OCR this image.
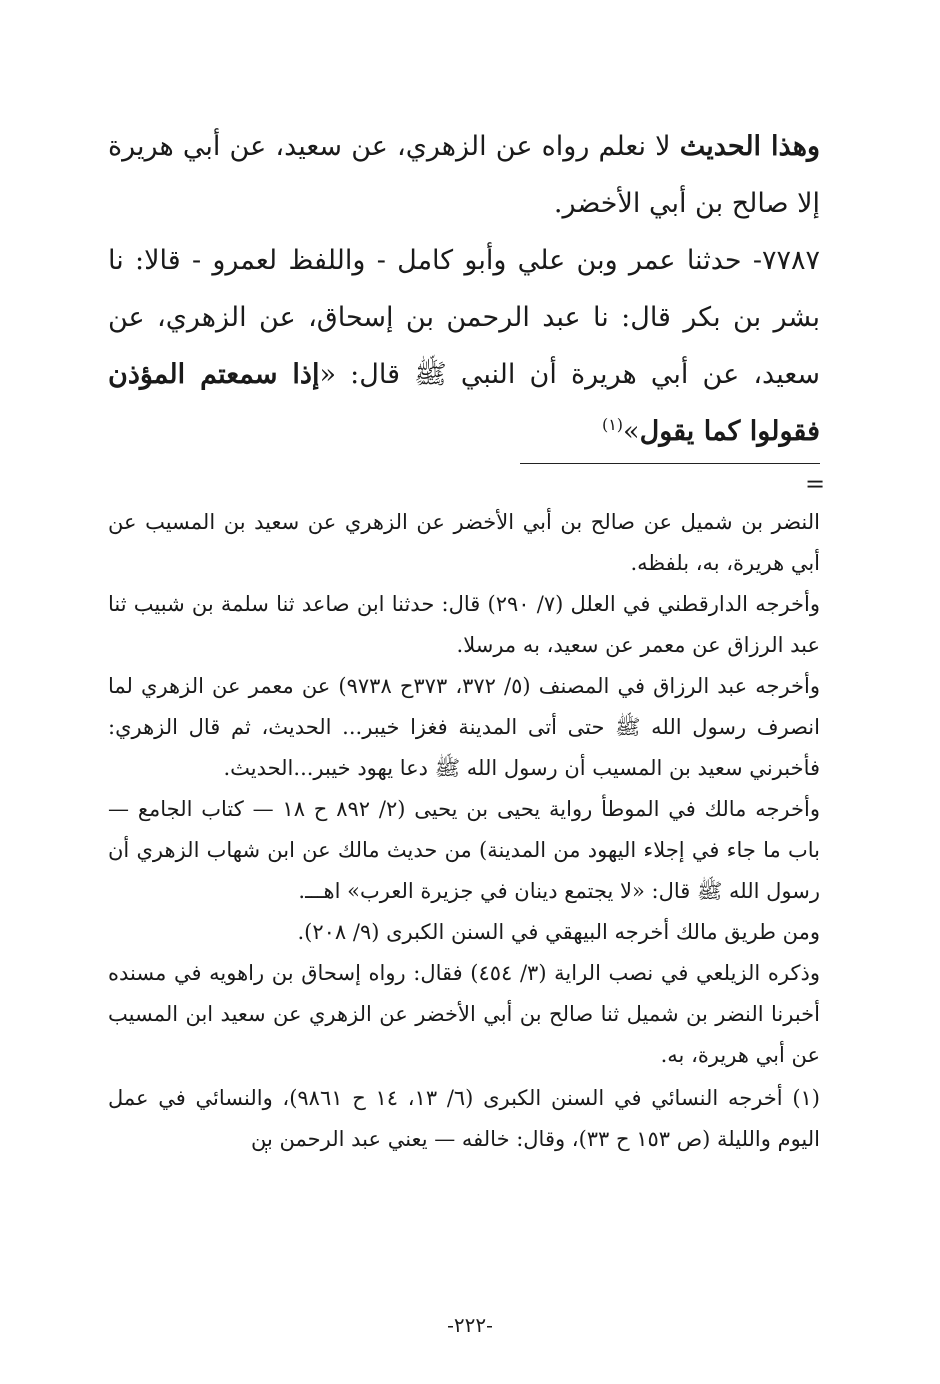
وهذا الحديث لا نعلم رواه عن الزهري، عن سعيد، عن أبي هريرة إلا صالح بن أبي الأخضر.

٧٧٨٧- حدثنا عمر وبن علي وأبو كامل - واللفظ لعمرو - قالا: نا بشر بن بكر قال: نا عبد الرحمن بن إسحاق، عن الزهري، عن سعيد، عن أبي هريرة أن النبي ﷺ قال: «إذا سمعتم المؤذن فقولوا كما يقول»$^{(١)}$

=

النضر بن شميل عن صالح بن أبي الأخضر عن الزهري عن سعيد بن المسيب عن أبي هريرة، به، بلفظه.

وأخرجه الدارقطني في العلل (٧/ ٢٩٠) قال: حدثنا ابن صاعد ثنا سلمة بن شبيب ثنا عبد الرزاق عن معمر عن سعيد، به مرسلا.

وأخرجه عبد الرزاق في المصنف (٥/ ٣٧٢، ٣٧٣ح ٩٧٣٨) عن معمر عن الزهري لما انصرف رسول الله ﷺ حتى أتى المدينة فغزا خيبر... الحديث، ثم قال الزهري: فأخبرني سعيد بن المسيب أن رسول الله ﷺ دعا يهود خيبر...الحديث.

وأخرجه مالك في الموطأ رواية يحيى بن يحيى (٢/ ٨٩٢ ح ١٨ — كتاب الجامع — باب ما جاء في إجلاء اليهود من المدينة) من حديث مالك عن ابن شهاب الزهري أن رسول الله ﷺ قال: «لا يجتمع دينان في جزيرة العرب» اهـــ.

ومن طريق مالك أخرجه البيهقي في السنن الكبرى (٩/ ٢٠٨).

وذكره الزيلعي في نصب الراية (٣/ ٤٥٤) فقال: رواه إسحاق بن راهويه في مسنده أخبرنا النضر بن شميل ثنا صالح بن أبي الأخضر عن الزهري عن سعيد ابن المسيب عن أبي هريرة، به.

(١) أخرجه النسائي في السنن الكبرى (٦/ ١٣، ١٤ ح ٩٨٦١)، والنسائي في عمل اليوم والليلة (ص ١٥٣ ح ٣٣)، وقال: خالفه — يعني عبد الرحمن بن

-٢٢٢-
